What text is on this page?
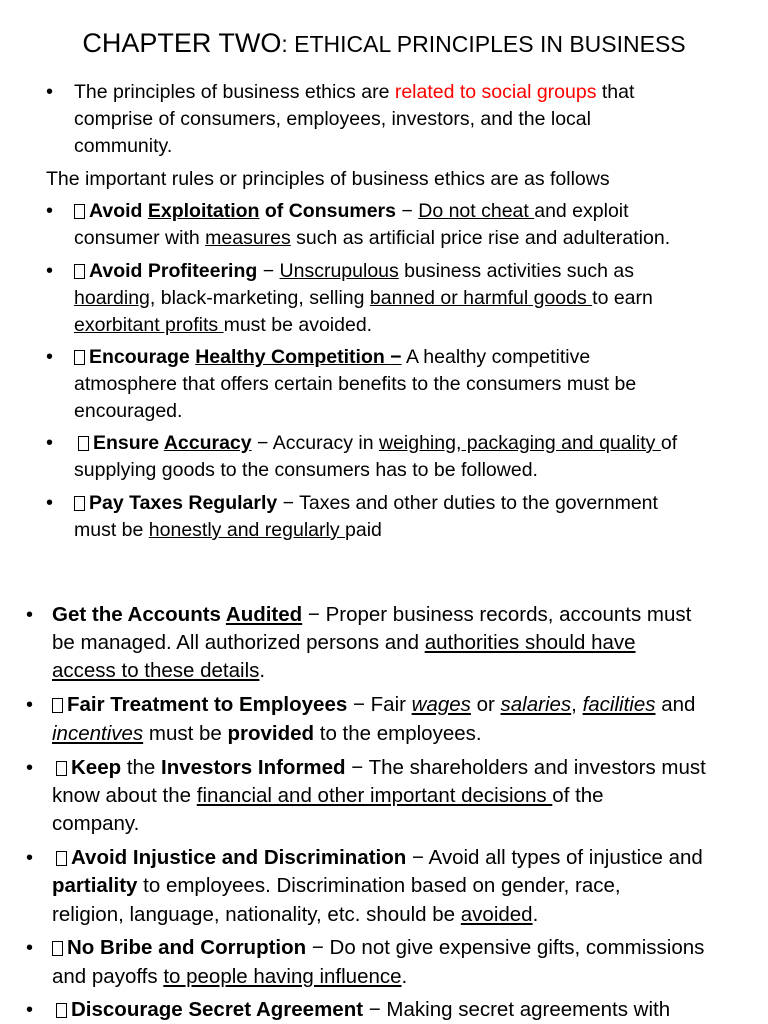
CHAPTER TWO: ETHICAL PRINCIPLES IN BUSINESS
• The principles of business ethics are related to social groups that
comprise of consumers, employees, investors, and the local
community.
The important rules or principles of business ethics are as follows
•	Avoid Exploitation of Consumers − Do not cheat and exploit
consumer with measures such as artificial price rise and adulteration.
•	Avoid Profiteering − Unscrupulous business activities such as
hoarding, black-marketing, selling banned or harmful goods to earn
exorbitant profits must be avoided.
•	Encourage Healthy Competition − A healthy competitive
atmosphere that offers certain benefits to the consumers must be
encouraged.
•	Ensure Accuracy − Accuracy in weighing, packaging and quality of
supplying goods to the consumers has to be followed.
•	Pay Taxes Regularly − Taxes and other duties to the government
must be honestly and regularly paid
• Get the Accounts Audited − Proper business records, accounts must
be managed. All authorized persons and authorities should have
access to these details.
•	Fair Treatment to Employees − Fair wages or salaries, facilities and
incentives must be provided to the employees.
•	Keep the Investors Informed − The shareholders and investors must
know about the financial and other important decisions of the
company.
•	Avoid Injustice and Discrimination − Avoid all types of injustice and
partiality to employees. Discrimination based on gender, race,
religion, language, nationality, etc. should be avoided.
•	No Bribe and Corruption − Do not give expensive gifts, commissions
and payoffs to people having influence.
•	Discourage Secret Agreement − Making secret agreements with
